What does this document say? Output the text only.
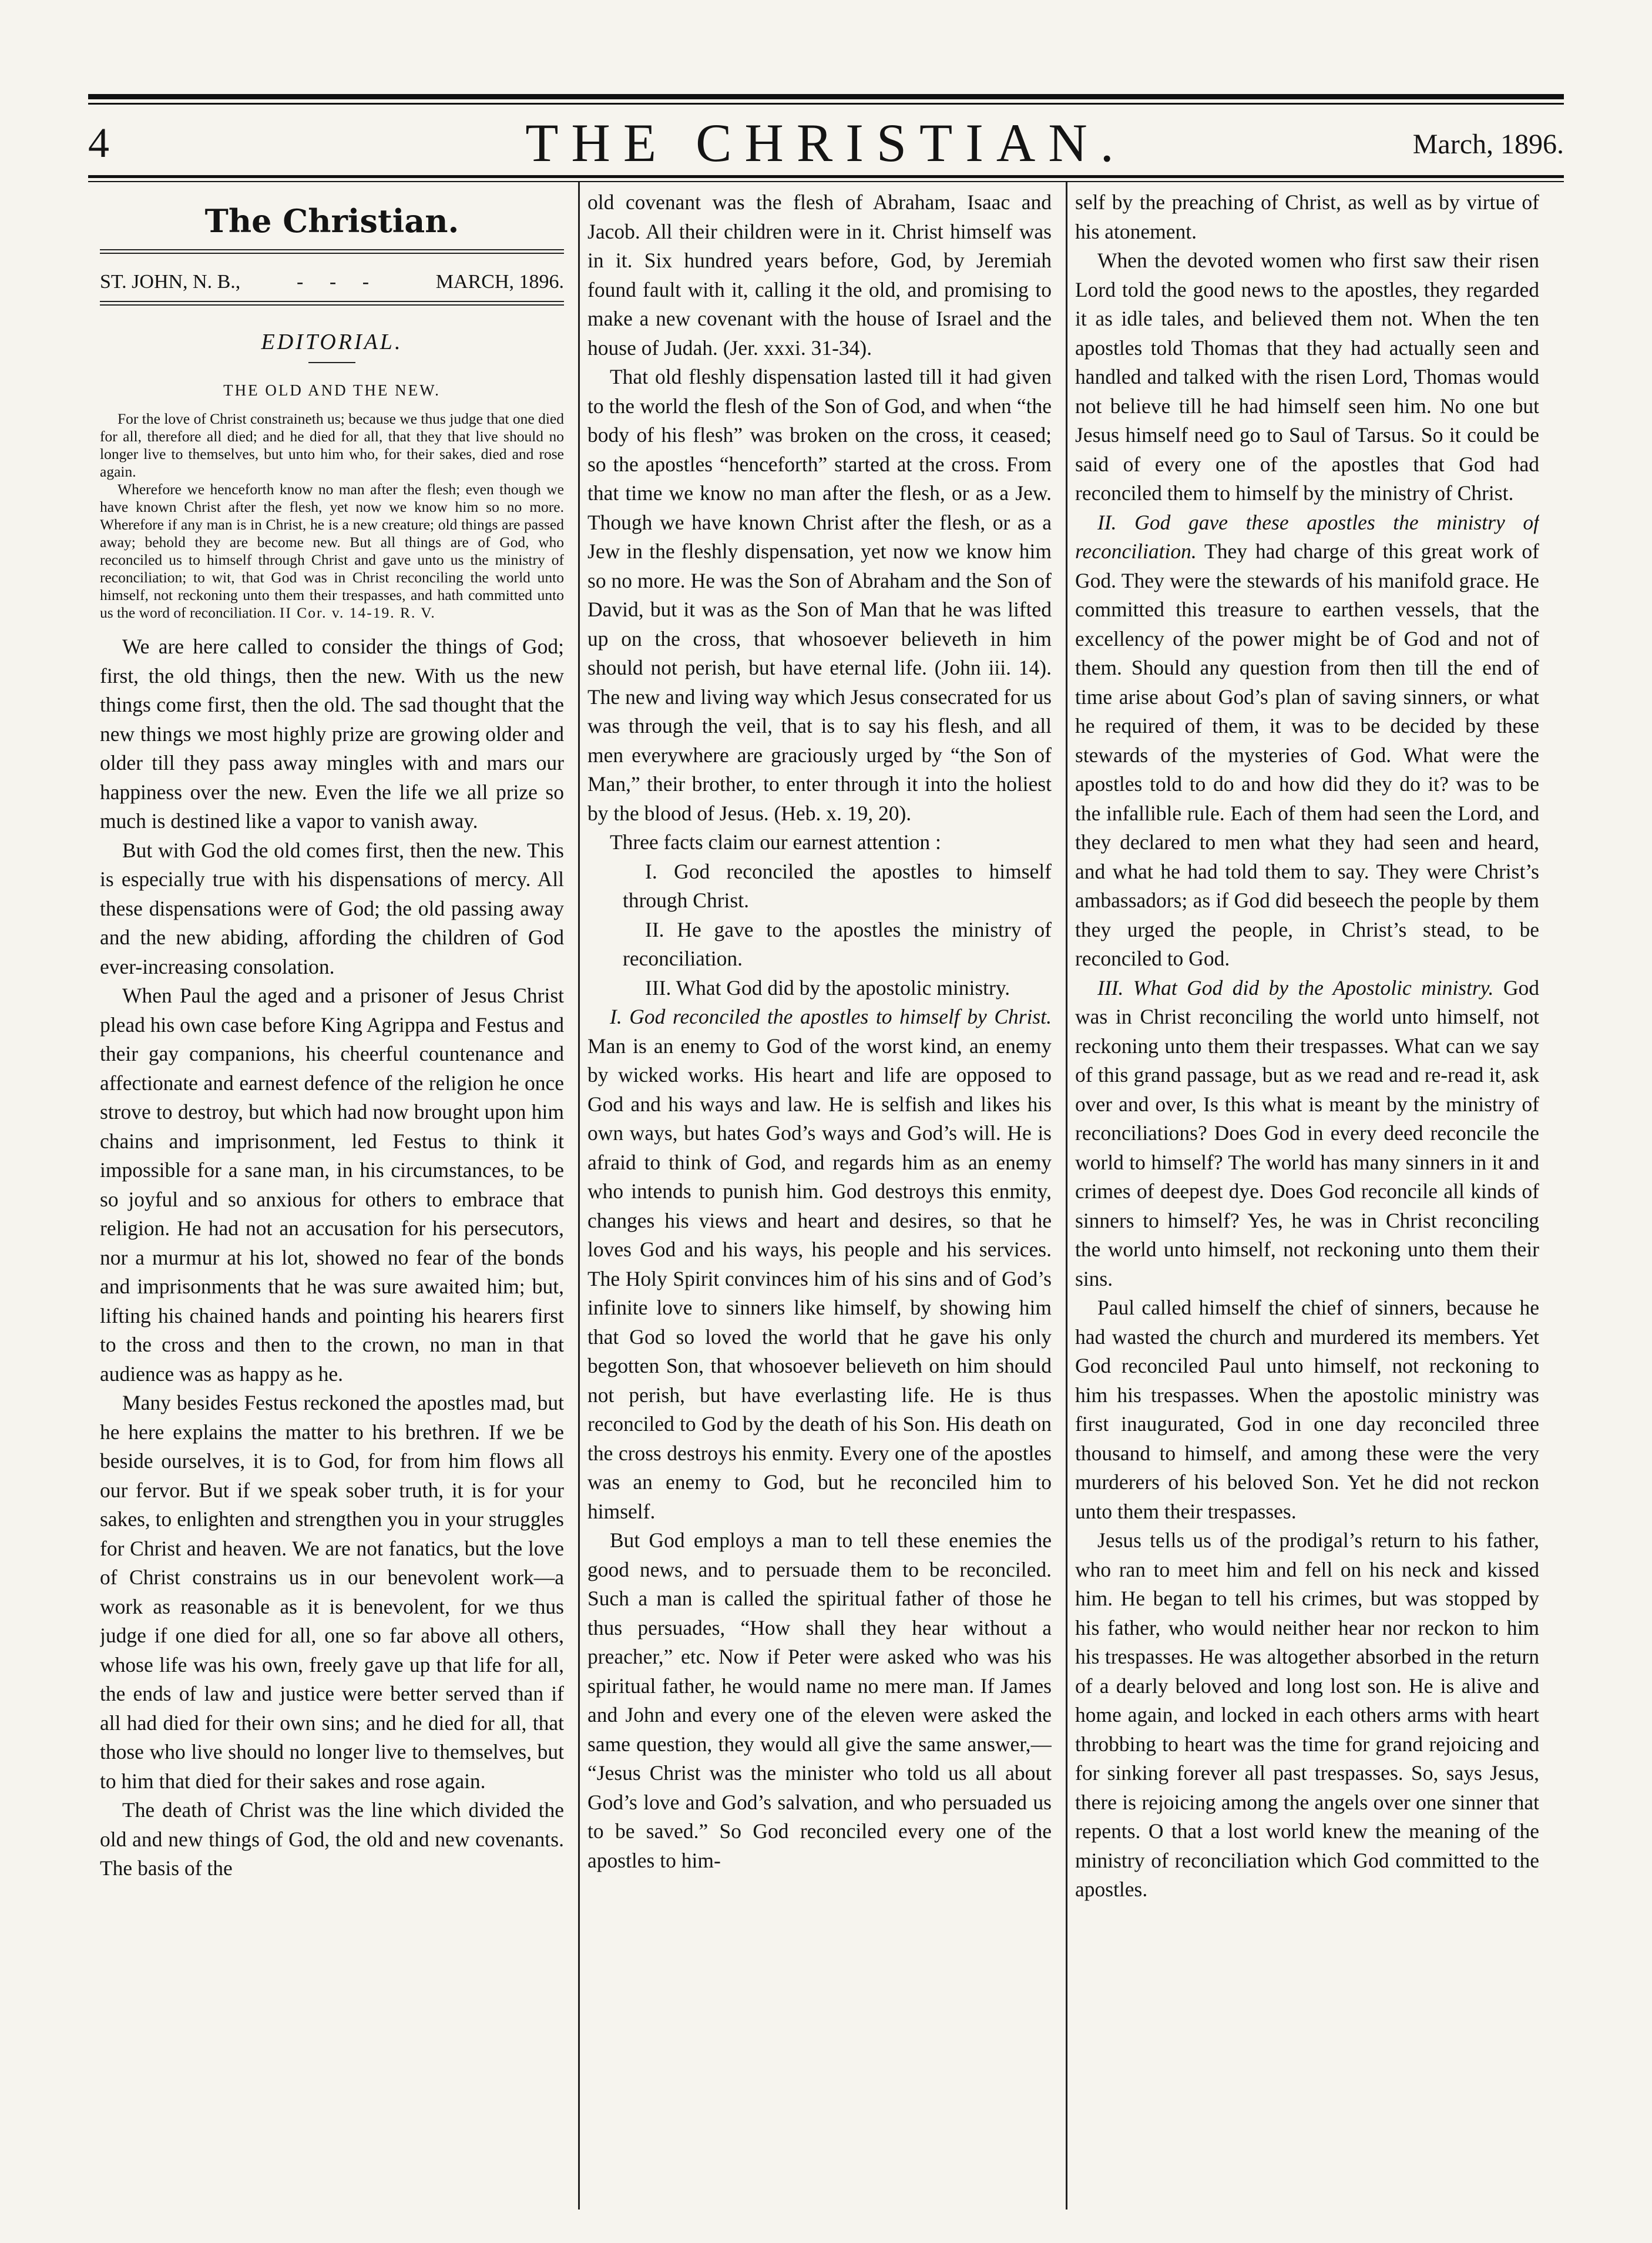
4	THE CHRISTIAN.	March, 1896.
The Christian.
ST. JOHN, N. B.,	- - -	MARCH, 1896.
EDITORIAL.
THE OLD AND THE NEW.

For the love of Christ constraineth us; because we thus judge that one died for all, therefore all died; and he died for all, that they that live should no longer live to themselves, but unto him who, for their sakes, died and rose again.

Wherefore we henceforth know no man after the flesh; even though we have known Christ after the flesh, yet now we know him so no more. Wherefore if any man is in Christ, he is a new creature; old things are passed away; behold they are become new. But all things are of God, who reconciled us to himself through Christ and gave unto us the ministry of reconciliation; to wit, that God was in Christ reconciling the world unto himself, not reckoning unto them their trespasses, and hath committed unto us the word of reconciliation. II Cor. v. 14-19. R. V.

We are here called to consider the things of God; first, the old things, then the new. With us the new things come first, then the old. The sad thought that the new things we most highly prize are growing older and older till they pass away mingles with and mars our happiness over the new. Even the life we all prize so much is destined like a vapor to vanish away.

But with God the old comes first, then the new. This is especially true with his dispensations of mercy. All these dispensations were of God; the old passing away and the new abiding, affording the children of God ever-increasing consolation.

When Paul the aged and a prisoner of Jesus Christ plead his own case before King Agrippa and Festus and their gay companions, his cheerful countenance and affectionate and earnest defence of the religion he once strove to destroy, but which had now brought upon him chains and imprisonment, led Festus to think it impossible for a sane man, in his circumstances, to be so joyful and so anxious for others to embrace that religion. He had not an accusation for his persecutors, nor a murmur at his lot, showed no fear of the bonds and imprisonments that he was sure awaited him; but, lifting his chained hands and pointing his hearers first to the cross and then to the crown, no man in that audience was as happy as he.

Many besides Festus reckoned the apostles mad, but he here explains the matter to his brethren. If we be beside ourselves, it is to God, for from him flows all our fervor. But if we speak sober truth, it is for your sakes, to enlighten and strengthen you in your struggles for Christ and heaven. We are not fanatics, but the love of Christ constrains us in our benevolent work—a work as reasonable as it is benevolent, for we thus judge if one died for all, one so far above all others, whose life was his own, freely gave up that life for all, the ends of law and justice were better served than if all had died for their own sins; and he died for all, that those who live should no longer live to themselves, but to him that died for their sakes and rose again.

The death of Christ was the line which divided the old and new things of God, the old and new covenants. The basis of the

old covenant was the flesh of Abraham, Isaac and Jacob. All their children were in it. Christ himself was in it. Six hundred years before, God, by Jeremiah found fault with it, calling it the old, and promising to make a new covenant with the house of Israel and the house of Judah. (Jer. xxxi. 31-34).

That old fleshly dispensation lasted till it had given to the world the flesh of the Son of God, and when “the body of his flesh” was broken on the cross, it ceased; so the apostles “henceforth” started at the cross. From that time we know no man after the flesh, or as a Jew. Though we have known Christ after the flesh, or as a Jew in the fleshly dispensation, yet now we know him so no more. He was the Son of Abraham and the Son of David, but it was as the Son of Man that he was lifted up on the cross, that whosoever believeth in him should not perish, but have eternal life. (John iii. 14). The new and living way which Jesus consecrated for us was through the veil, that is to say his flesh, and all men everywhere are graciously urged by “the Son of Man,” their brother, to enter through it into the holiest by the blood of Jesus. (Heb. x. 19, 20).

Three facts claim our earnest attention :

I. God reconciled the apostles to himself through Christ.

II. He gave to the apostles the ministry of reconciliation.

III. What God did by the apostolic ministry.

I. God reconciled the apostles to himself by Christ. Man is an enemy to God of the worst kind, an enemy by wicked works. His heart and life are opposed to God and his ways and law. He is selfish and likes his own ways, but hates God’s ways and God’s will. He is afraid to think of God, and regards him as an enemy who intends to punish him. God destroys this enmity, changes his views and heart and desires, so that he loves God and his ways, his people and his services. The Holy Spirit convinces him of his sins and of God’s infinite love to sinners like himself, by showing him that God so loved the world that he gave his only begotten Son, that whosoever believeth on him should not perish, but have everlasting life. He is thus reconciled to God by the death of his Son. His death on the cross destroys his enmity. Every one of the apostles was an enemy to God, but he reconciled him to himself.

But God employs a man to tell these enemies the good news, and to persuade them to be reconciled. Such a man is called the spiritual father of those he thus persuades, “How shall they hear without a preacher,” etc. Now if Peter were asked who was his spiritual father, he would name no mere man. If James and John and every one of the eleven were asked the same question, they would all give the same answer,— “Jesus Christ was the minister who told us all about God’s love and God’s salvation, and who persuaded us to be saved.” So God reconciled every one of the apostles to him-

self by the preaching of Christ, as well as by virtue of his atonement.

When the devoted women who first saw their risen Lord told the good news to the apostles, they regarded it as idle tales, and believed them not. When the ten apostles told Thomas that they had actually seen and handled and talked with the risen Lord, Thomas would not believe till he had himself seen him. No one but Jesus himself need go to Saul of Tarsus. So it could be said of every one of the apostles that God had reconciled them to himself by the ministry of Christ.

II. God gave these apostles the ministry of reconciliation. They had charge of this great work of God. They were the stewards of his manifold grace. He committed this treasure to earthen vessels, that the excellency of the power might be of God and not of them. Should any question from then till the end of time arise about God’s plan of saving sinners, or what he required of them, it was to be decided by these stewards of the mysteries of God. What were the apostles told to do and how did they do it? was to be the infallible rule. Each of them had seen the Lord, and they declared to men what they had seen and heard, and what he had told them to say. They were Christ’s ambassadors; as if God did beseech the people by them they urged the people, in Christ’s stead, to be reconciled to God.

III. What God did by the Apostolic ministry. God was in Christ reconciling the world unto himself, not reckoning unto them their trespasses. What can we say of this grand passage, but as we read and re-read it, ask over and over, Is this what is meant by the ministry of reconciliations? Does God in every deed reconcile the world to himself? The world has many sinners in it and crimes of deepest dye. Does God reconcile all kinds of sinners to himself? Yes, he was in Christ reconciling the world unto himself, not reckoning unto them their sins.

Paul called himself the chief of sinners, because he had wasted the church and murdered its members. Yet God reconciled Paul unto himself, not reckoning to him his trespasses. When the apostolic ministry was first inaugurated, God in one day reconciled three thousand to himself, and among these were the very murderers of his beloved Son. Yet he did not reckon unto them their trespasses.

Jesus tells us of the prodigal’s return to his father, who ran to meet him and fell on his neck and kissed him. He began to tell his crimes, but was stopped by his father, who would neither hear nor reckon to him his trespasses. He was altogether absorbed in the return of a dearly beloved and long lost son. He is alive and home again, and locked in each others arms with heart throbbing to heart was the time for grand rejoicing and for sinking forever all past trespasses. So, says Jesus, there is rejoicing among the angels over one sinner that repents. O that a lost world knew the meaning of the ministry of reconciliation which God committed to the apostles.
